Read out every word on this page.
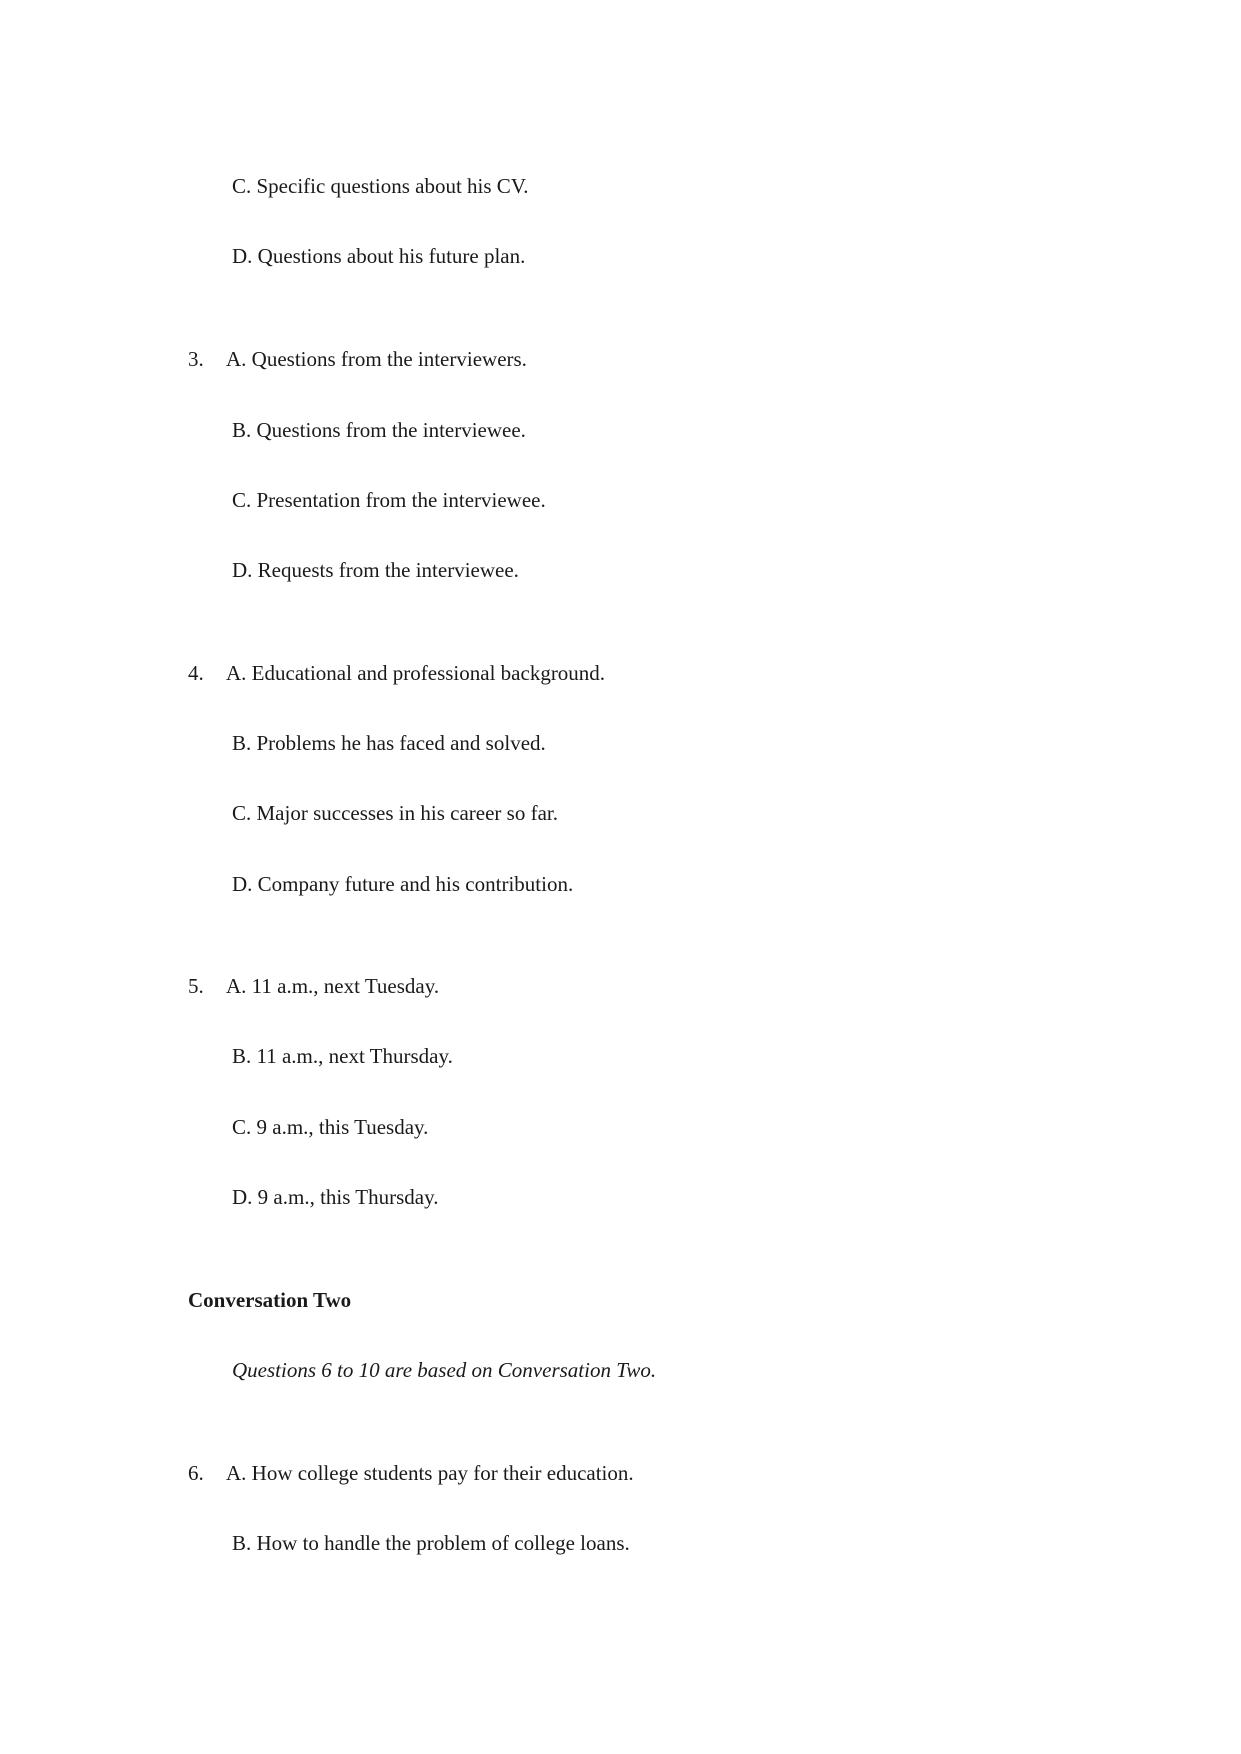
C. Specific questions about his CV.
D. Questions about his future plan.
3. A. Questions from the interviewers.
B. Questions from the interviewee.
C. Presentation from the interviewee.
D. Requests from the interviewee.
4. A. Educational and professional background.
B. Problems he has faced and solved.
C. Major successes in his career so far.
D. Company future and his contribution.
5. A. 11 a.m., next Tuesday.
B. 11 a.m., next Thursday.
C. 9 a.m., this Tuesday.
D. 9 a.m., this Thursday.
Conversation Two
Questions 6 to 10 are based on Conversation Two.
6. A. How college students pay for their education.
B. How to handle the problem of college loans.
